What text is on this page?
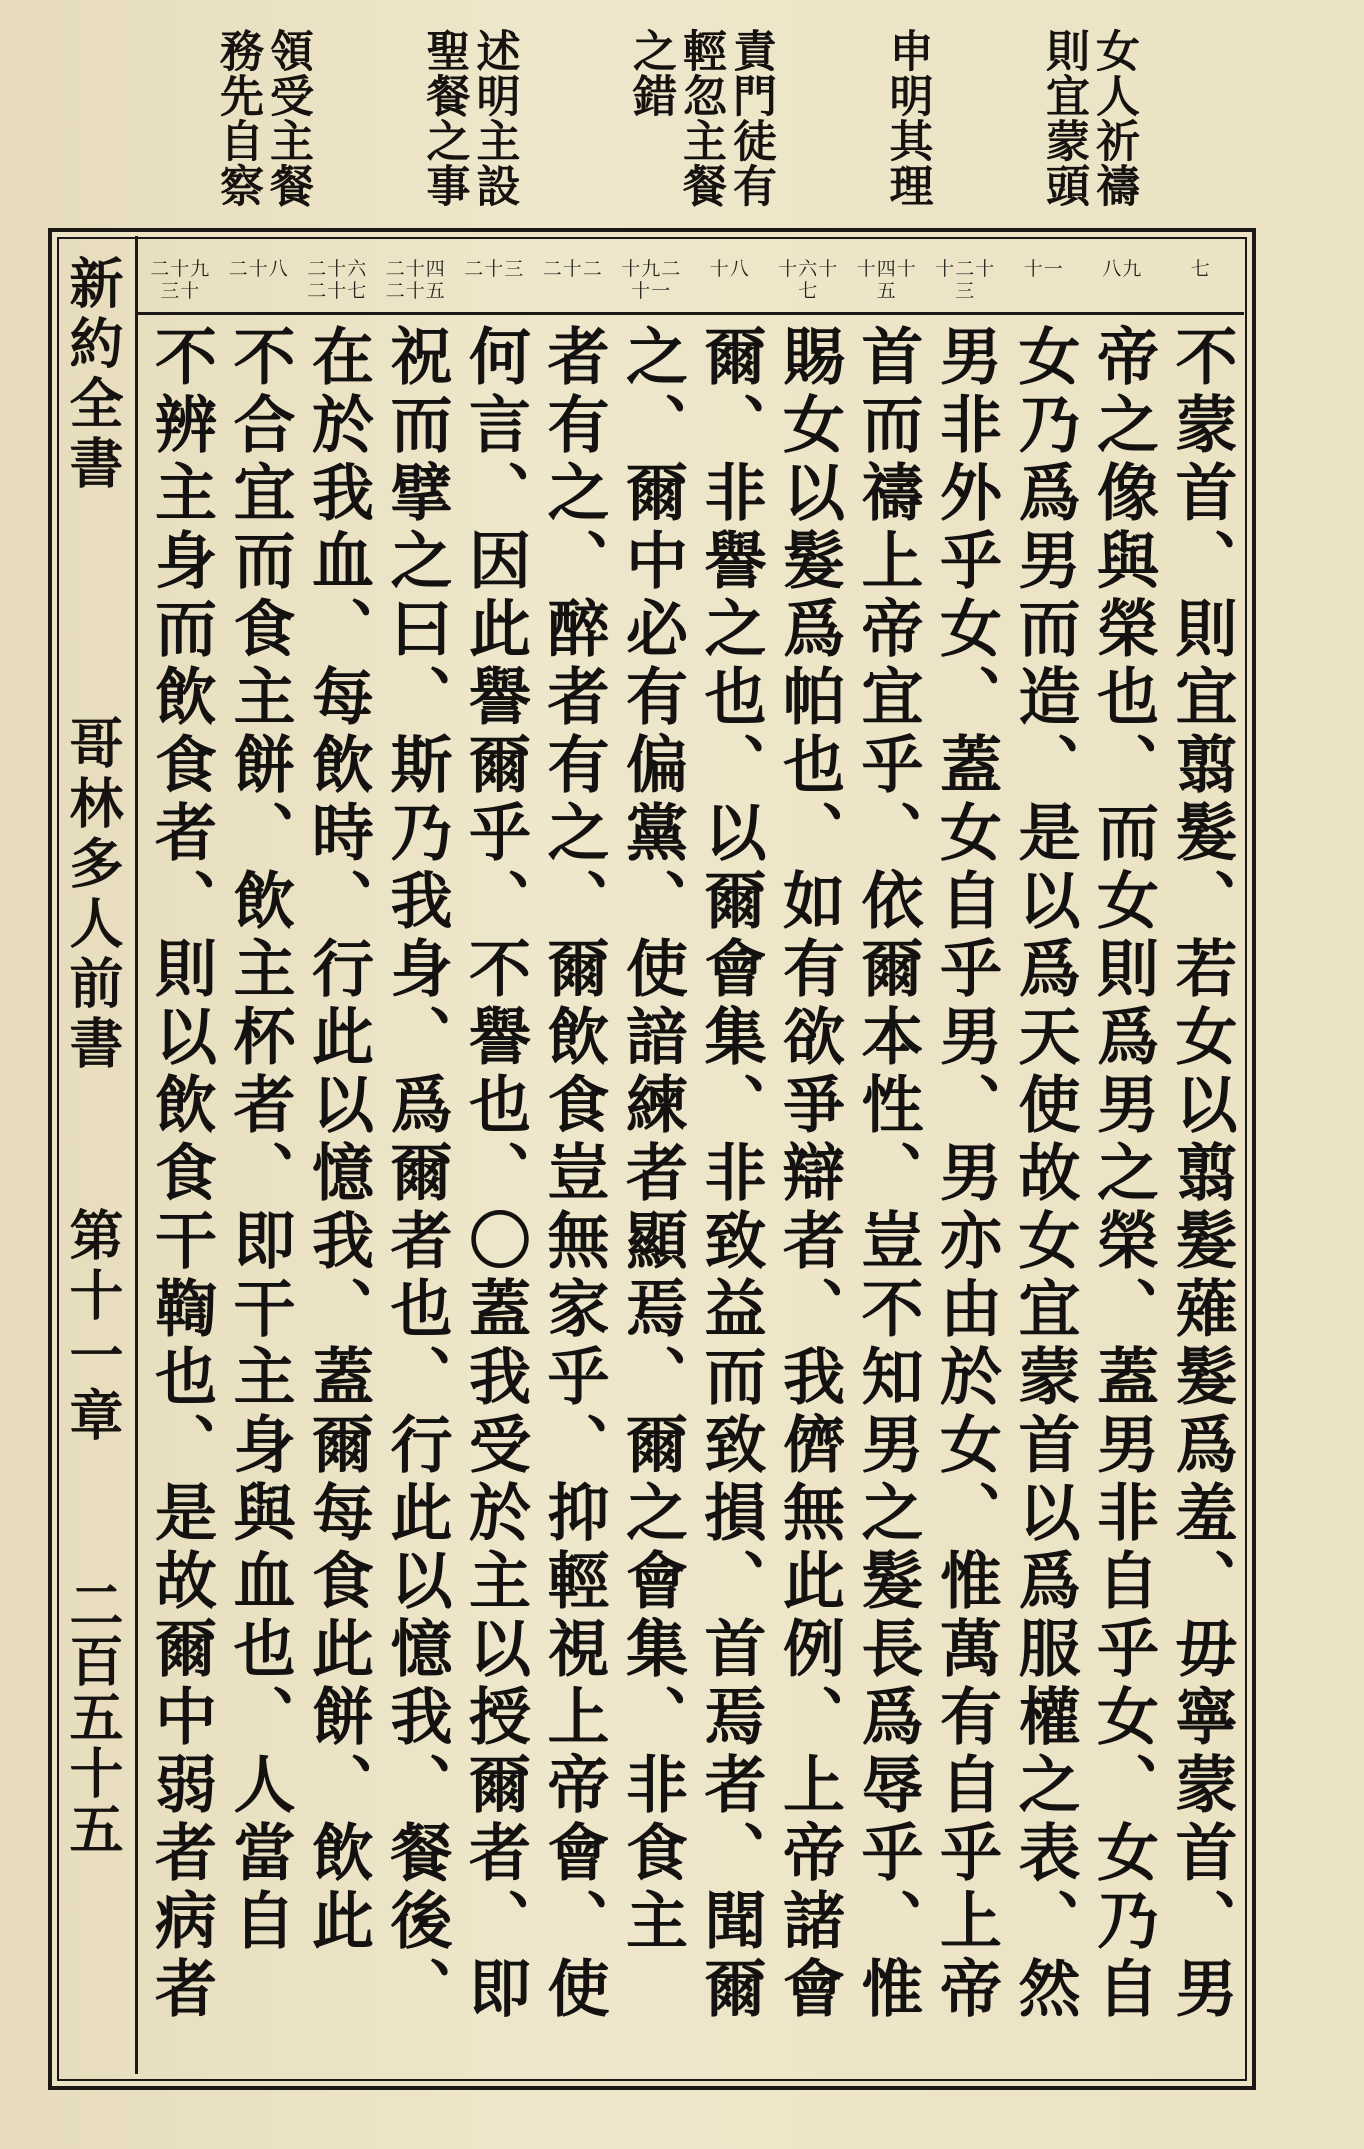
女人祈禱
則宜蒙頭
申明其理
責門徒有
輕忽主餐
之錯
述明主設
聖餐之事
領受主餐
務先自察
新約全書
哥林多人前書
第十一章
二百五十五
七
八九
十一
十二十三
十四十五
十六十七
十八
十九二十一
二十二
二十三
二十四二十五
二十六二十七
二十八
二十九三十
不蒙首、則宜翦髮、若女以翦髮薙髮爲羞、毋寧蒙首、男
帝之像與榮也、而女則爲男之榮、蓋男非自乎女、女乃自
女乃爲男而造、是以爲天使故女宜蒙首以爲服權之表、然
男非外乎女、蓋女自乎男、男亦由於女、惟萬有自乎上帝
首而禱上帝宜乎、依爾本性、豈不知男之髮長爲辱乎、惟
賜女以髮爲帕也、如有欲爭辯者、我儕無此例、上帝諸會
爾、非譽之也、以爾會集、非致益而致損、首焉者、聞爾
之、爾中必有偏黨、使諳練者顯焉、爾之會集、非食主
者有之、醉者有之、爾飲食豈無家乎、抑輕視上帝會、使
何言、因此譽爾乎、不譽也、〇蓋我受於主以授爾者、即
祝而擘之曰、斯乃我身、爲爾者也、行此以憶我、餐後、
在於我血、每飲時、行此以憶我、蓋爾每食此餅、飲此
不合宜而食主餅、飲主杯者、即干主身與血也、人當自
不辨主身而飲食者、則以飲食干鞫也、是故爾中弱者病者
